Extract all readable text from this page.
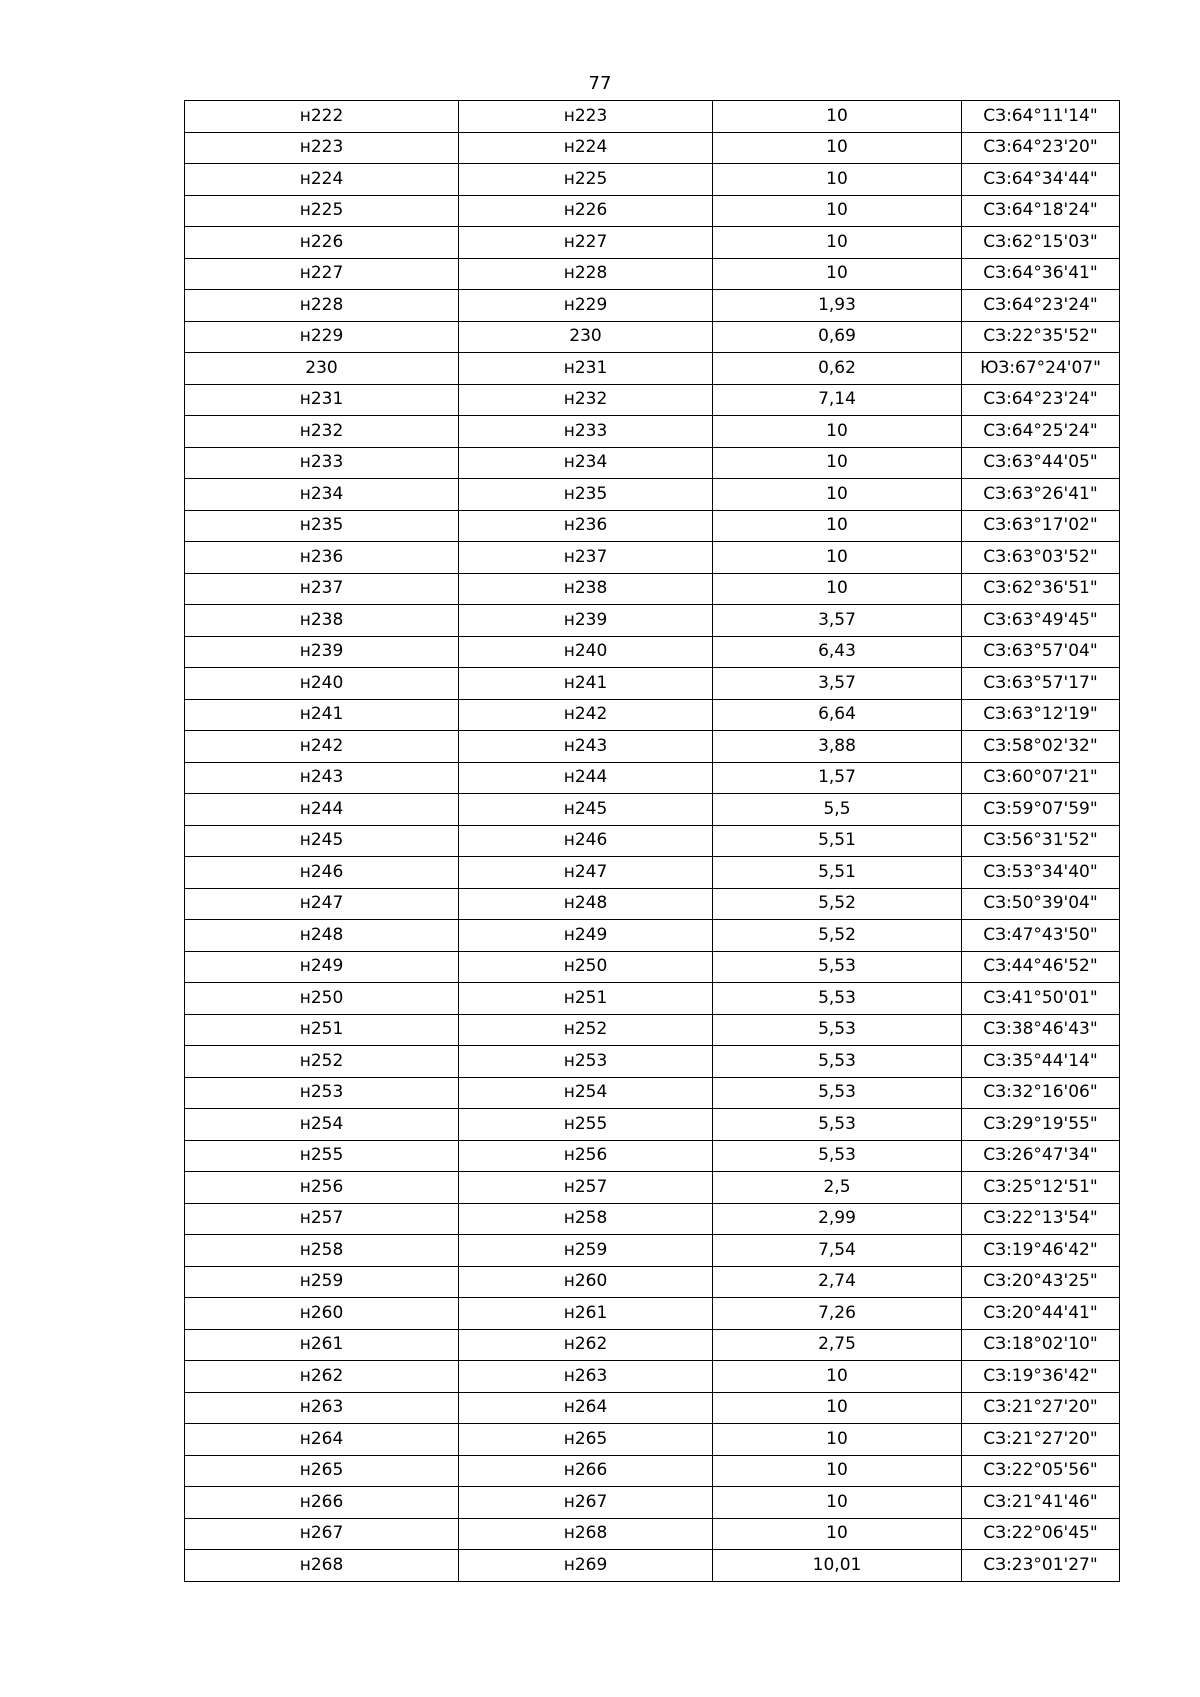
77
н222	н223	10	СЗ:64°11'14"
н223	н224	10	СЗ:64°23'20"
н224	н225	10	СЗ:64°34'44"
н225	н226	10	СЗ:64°18'24"
н226	н227	10	СЗ:62°15'03"
н227	н228	10	СЗ:64°36'41"
н228	н229	1,93	СЗ:64°23'24"
н229	230	0,69	СЗ:22°35'52"
230	н231	0,62	ЮЗ:67°24'07"
н231	н232	7,14	СЗ:64°23'24"
н232	н233	10	СЗ:64°25'24"
н233	н234	10	СЗ:63°44'05"
н234	н235	10	СЗ:63°26'41"
н235	н236	10	СЗ:63°17'02"
н236	н237	10	СЗ:63°03'52"
н237	н238	10	СЗ:62°36'51"
н238	н239	3,57	СЗ:63°49'45"
н239	н240	6,43	СЗ:63°57'04"
н240	н241	3,57	СЗ:63°57'17"
н241	н242	6,64	СЗ:63°12'19"
н242	н243	3,88	СЗ:58°02'32"
н243	н244	1,57	СЗ:60°07'21"
н244	н245	5,5	СЗ:59°07'59"
н245	н246	5,51	СЗ:56°31'52"
н246	н247	5,51	СЗ:53°34'40"
н247	н248	5,52	СЗ:50°39'04"
н248	н249	5,52	СЗ:47°43'50"
н249	н250	5,53	СЗ:44°46'52"
н250	н251	5,53	СЗ:41°50'01"
н251	н252	5,53	СЗ:38°46'43"
н252	н253	5,53	СЗ:35°44'14"
н253	н254	5,53	СЗ:32°16'06"
н254	н255	5,53	СЗ:29°19'55"
н255	н256	5,53	СЗ:26°47'34"
н256	н257	2,5	СЗ:25°12'51"
н257	н258	2,99	СЗ:22°13'54"
н258	н259	7,54	СЗ:19°46'42"
н259	н260	2,74	СЗ:20°43'25"
н260	н261	7,26	СЗ:20°44'41"
н261	н262	2,75	СЗ:18°02'10"
н262	н263	10	СЗ:19°36'42"
н263	н264	10	СЗ:21°27'20"
н264	н265	10	СЗ:21°27'20"
н265	н266	10	СЗ:22°05'56"
н266	н267	10	СЗ:21°41'46"
н267	н268	10	СЗ:22°06'45"
н268	н269	10,01	СЗ:23°01'27"
